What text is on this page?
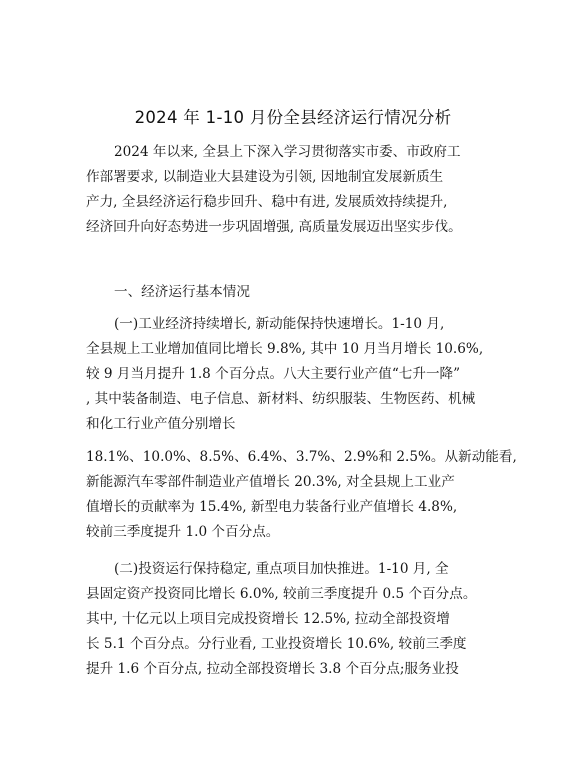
2024 年 1-10 月份全县经济运行情况分析
2024 年以来, 全县上下深入学习贯彻落实市委、市政府工
作部署要求, 以制造业大县建设为引领, 因地制宜发展新质生
产力, 全县经济运行稳步回升、稳中有进, 发展质效持续提升,
经济回升向好态势进一步巩固增强, 高质量发展迈出坚实步伐。
一、经济运行基本情况
(一)工业经济持续增长, 新动能保持快速增长。1-10 月,
全县规上工业增加值同比增长 9.8%, 其中 10 月当月增长 10.6%,
较 9 月当月提升 1.8 个百分点。八大主要行业产值“七升一降”
, 其中装备制造、电子信息、新材料、纺织服装、生物医药、机械
和化工行业产值分别增长
18.1%、10.0%、8.5%、6.4%、3.7%、2.9%和 2.5%。从新动能看,
新能源汽车零部件制造业产值增长 20.3%, 对全县规上工业产
值增长的贡献率为 15.4%, 新型电力装备行业产值增长 4.8%,
较前三季度提升 1.0 个百分点。
(二)投资运行保持稳定, 重点项目加快推进。1-10 月, 全
县固定资产投资同比增长 6.0%, 较前三季度提升 0.5 个百分点。
其中, 十亿元以上项目完成投资增长 12.5%, 拉动全部投资增
长 5.1 个百分点。分行业看, 工业投资增长 10.6%, 较前三季度
提升 1.6 个百分点, 拉动全部投资增长 3.8 个百分点;服务业投
